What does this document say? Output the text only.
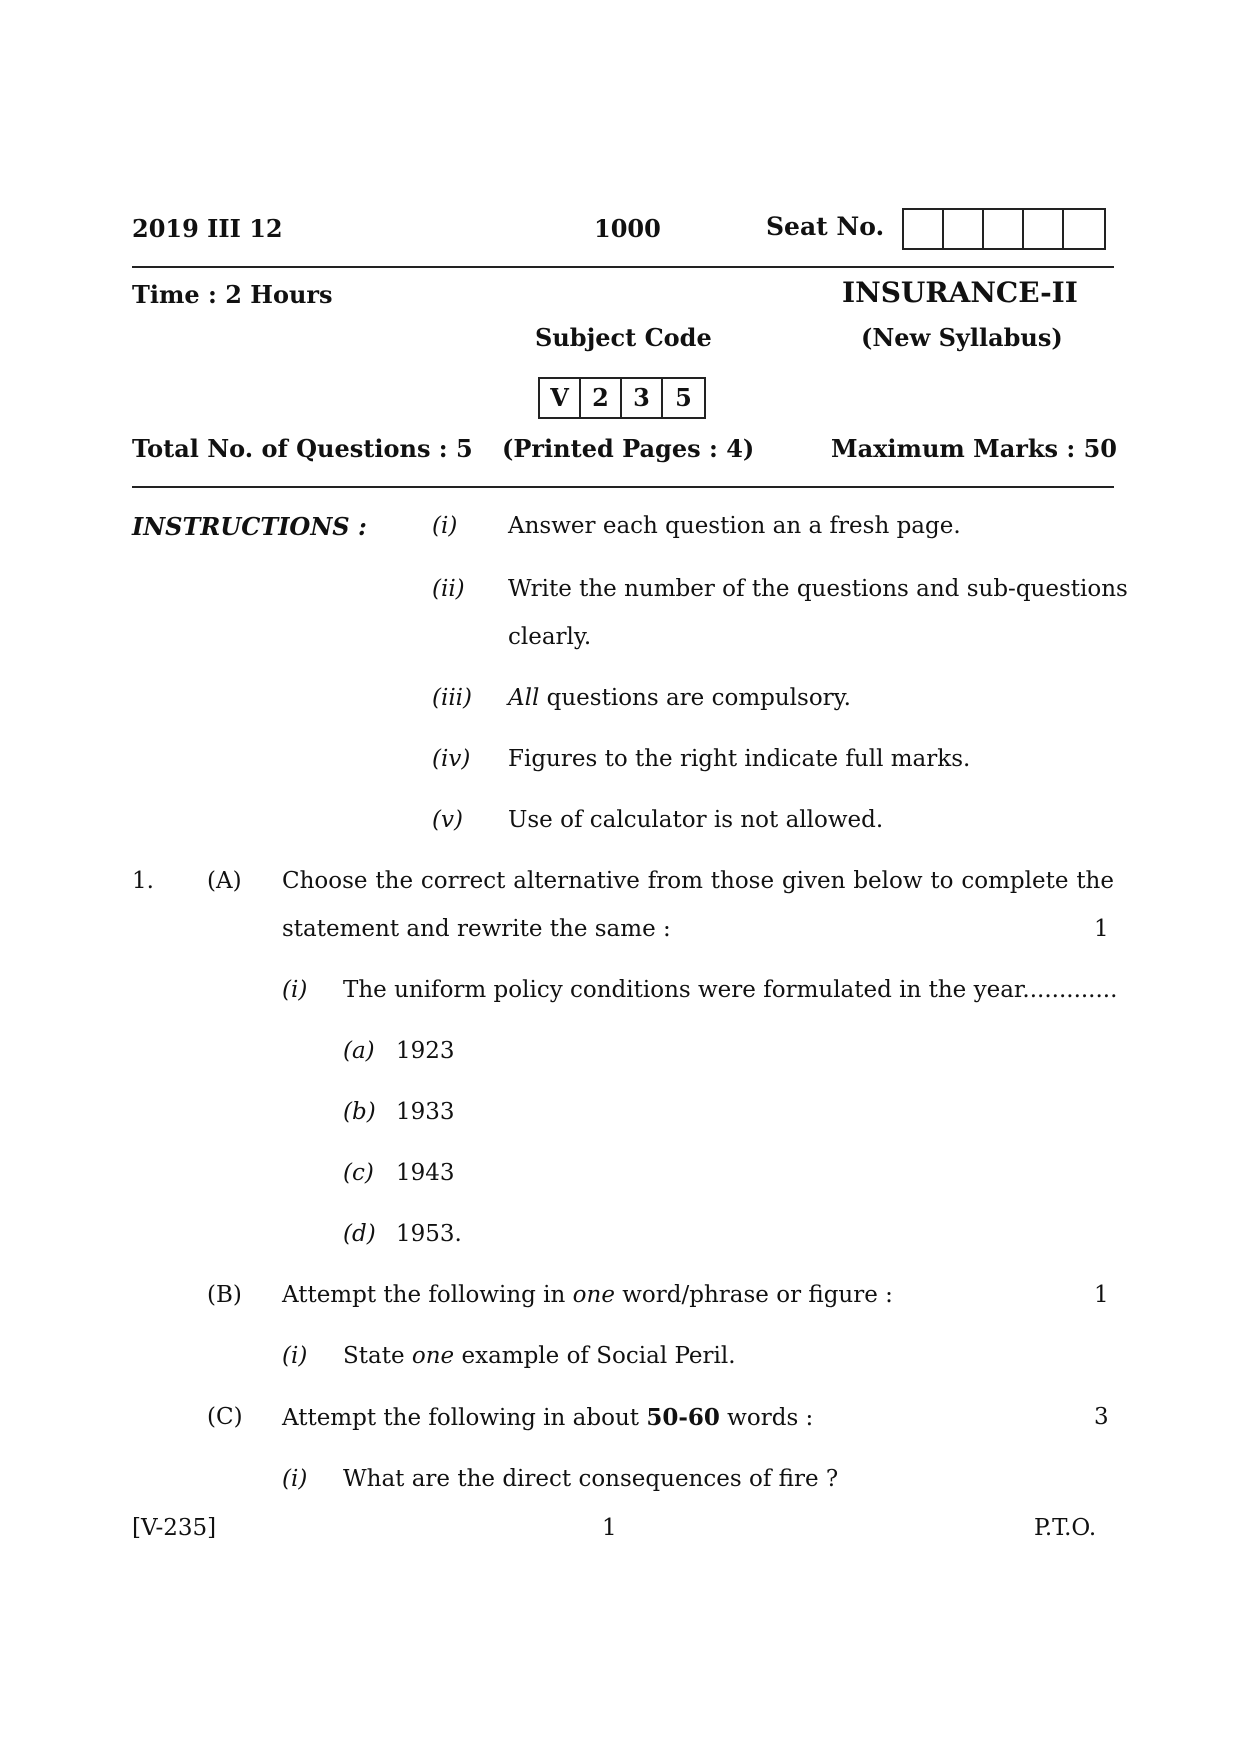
2019 III 12	1000	Seat No.
Time : 2 Hours	INSURANCE-II
Subject Code	(New Syllabus)
V 2	3	5
Total No. of Questions : 5 (Printed Pages : 4)	Maximum Marks : 50
INSTRUCTIONS :	(i) Answer each question an a fresh page.
(ii) Write the number of the questions and sub-questions
clearly.
(iii) All questions are compulsory.
(iv) Figures to the right indicate full marks.
(v) Use of calculator is not allowed.
1. (A) Choose the correct alternative from those given below to complete the
statement and rewrite the same :	1
(i) The uniform policy conditions were formulated in the year.............
(a) 1923
(b) 1933
(c) 1943
(d) 1953.
(B) Attempt the following in one word/phrase or figure :	1
(i) State one example of Social Peril.
(C) Attempt the following in about 50-60 words :	3
(i) What are the direct consequences of fire ?
[V-235]	1	P.T.O.
